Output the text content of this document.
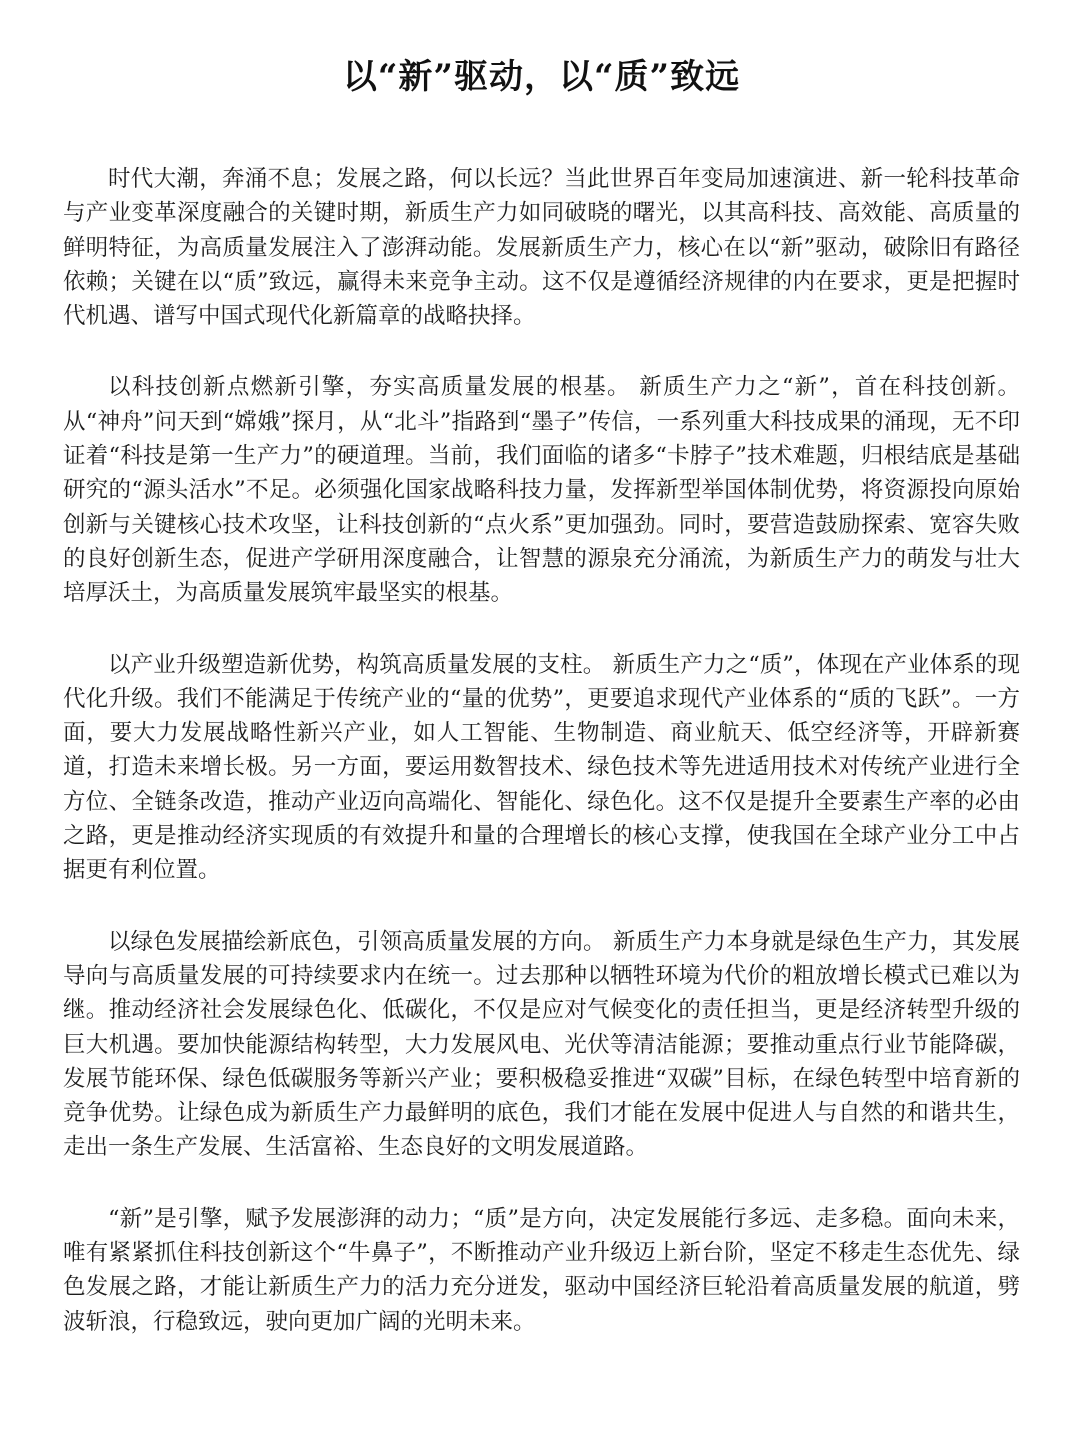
以“新”驱动，以“质”致远

时代大潮，奔涌不息；发展之路，何以长远？当此世界百年变局加速演进、新一轮科技革命与产业变革深度融合的关键时期，新质生产力如同破晓的曙光，以其高科技、高效能、高质量的鲜明特征，为高质量发展注入了澎湃动能。发展新质生产力，核心在以“新”驱动，破除旧有路径依赖；关键在以“质”致远，赢得未来竞争主动。这不仅是遵循经济规律的内在要求，更是把握时代机遇、谱写中国式现代化新篇章的战略抉择。

以科技创新点燃新引擎，夯实高质量发展的根基。 新质生产力之“新”，首在科技创新。从“神舟”问天到“嫦娥”探月，从“北斗”指路到“墨子”传信，一系列重大科技成果的涌现，无不印证着“科技是第一生产力”的硬道理。当前，我们面临的诸多“卡脖子”技术难题，归根结底是基础研究的“源头活水”不足。必须强化国家战略科技力量，发挥新型举国体制优势，将资源投向原始创新与关键核心技术攻坚，让科技创新的“点火系”更加强劲。同时，要营造鼓励探索、宽容失败的良好创新生态，促进产学研用深度融合，让智慧的源泉充分涌流，为新质生产力的萌发与壮大培厚沃土，为高质量发展筑牢最坚实的根基。

以产业升级塑造新优势，构筑高质量发展的支柱。 新质生产力之“质”，体现在产业体系的现代化升级。我们不能满足于传统产业的“量的优势”，更要追求现代产业体系的“质的飞跃”。一方面，要大力发展战略性新兴产业，如人工智能、生物制造、商业航天、低空经济等，开辟新赛道，打造未来增长极。另一方面，要运用数智技术、绿色技术等先进适用技术对传统产业进行全方位、全链条改造，推动产业迈向高端化、智能化、绿色化。这不仅是提升全要素生产率的必由之路，更是推动经济实现质的有效提升和量的合理增长的核心支撑，使我国在全球产业分工中占据更有利位置。

以绿色发展描绘新底色，引领高质量发展的方向。 新质生产力本身就是绿色生产力，其发展导向与高质量发展的可持续要求内在统一。过去那种以牺牲环境为代价的粗放增长模式已难以为继。推动经济社会发展绿色化、低碳化，不仅是应对气候变化的责任担当，更是经济转型升级的巨大机遇。要加快能源结构转型，大力发展风电、光伏等清洁能源；要推动重点行业节能降碳，发展节能环保、绿色低碳服务等新兴产业；要积极稳妥推进“双碳”目标，在绿色转型中培育新的竞争优势。让绿色成为新质生产力最鲜明的底色，我们才能在发展中促进人与自然的和谐共生，走出一条生产发展、生活富裕、生态良好的文明发展道路。

“新”是引擎，赋予发展澎湃的动力；“质”是方向，决定发展能行多远、走多稳。面向未来，唯有紧紧抓住科技创新这个“牛鼻子”，不断推动产业升级迈上新台阶，坚定不移走生态优先、绿色发展之路，才能让新质生产力的活力充分迸发，驱动中国经济巨轮沿着高质量发展的航道，劈波斩浪，行稳致远，驶向更加广阔的光明未来。
